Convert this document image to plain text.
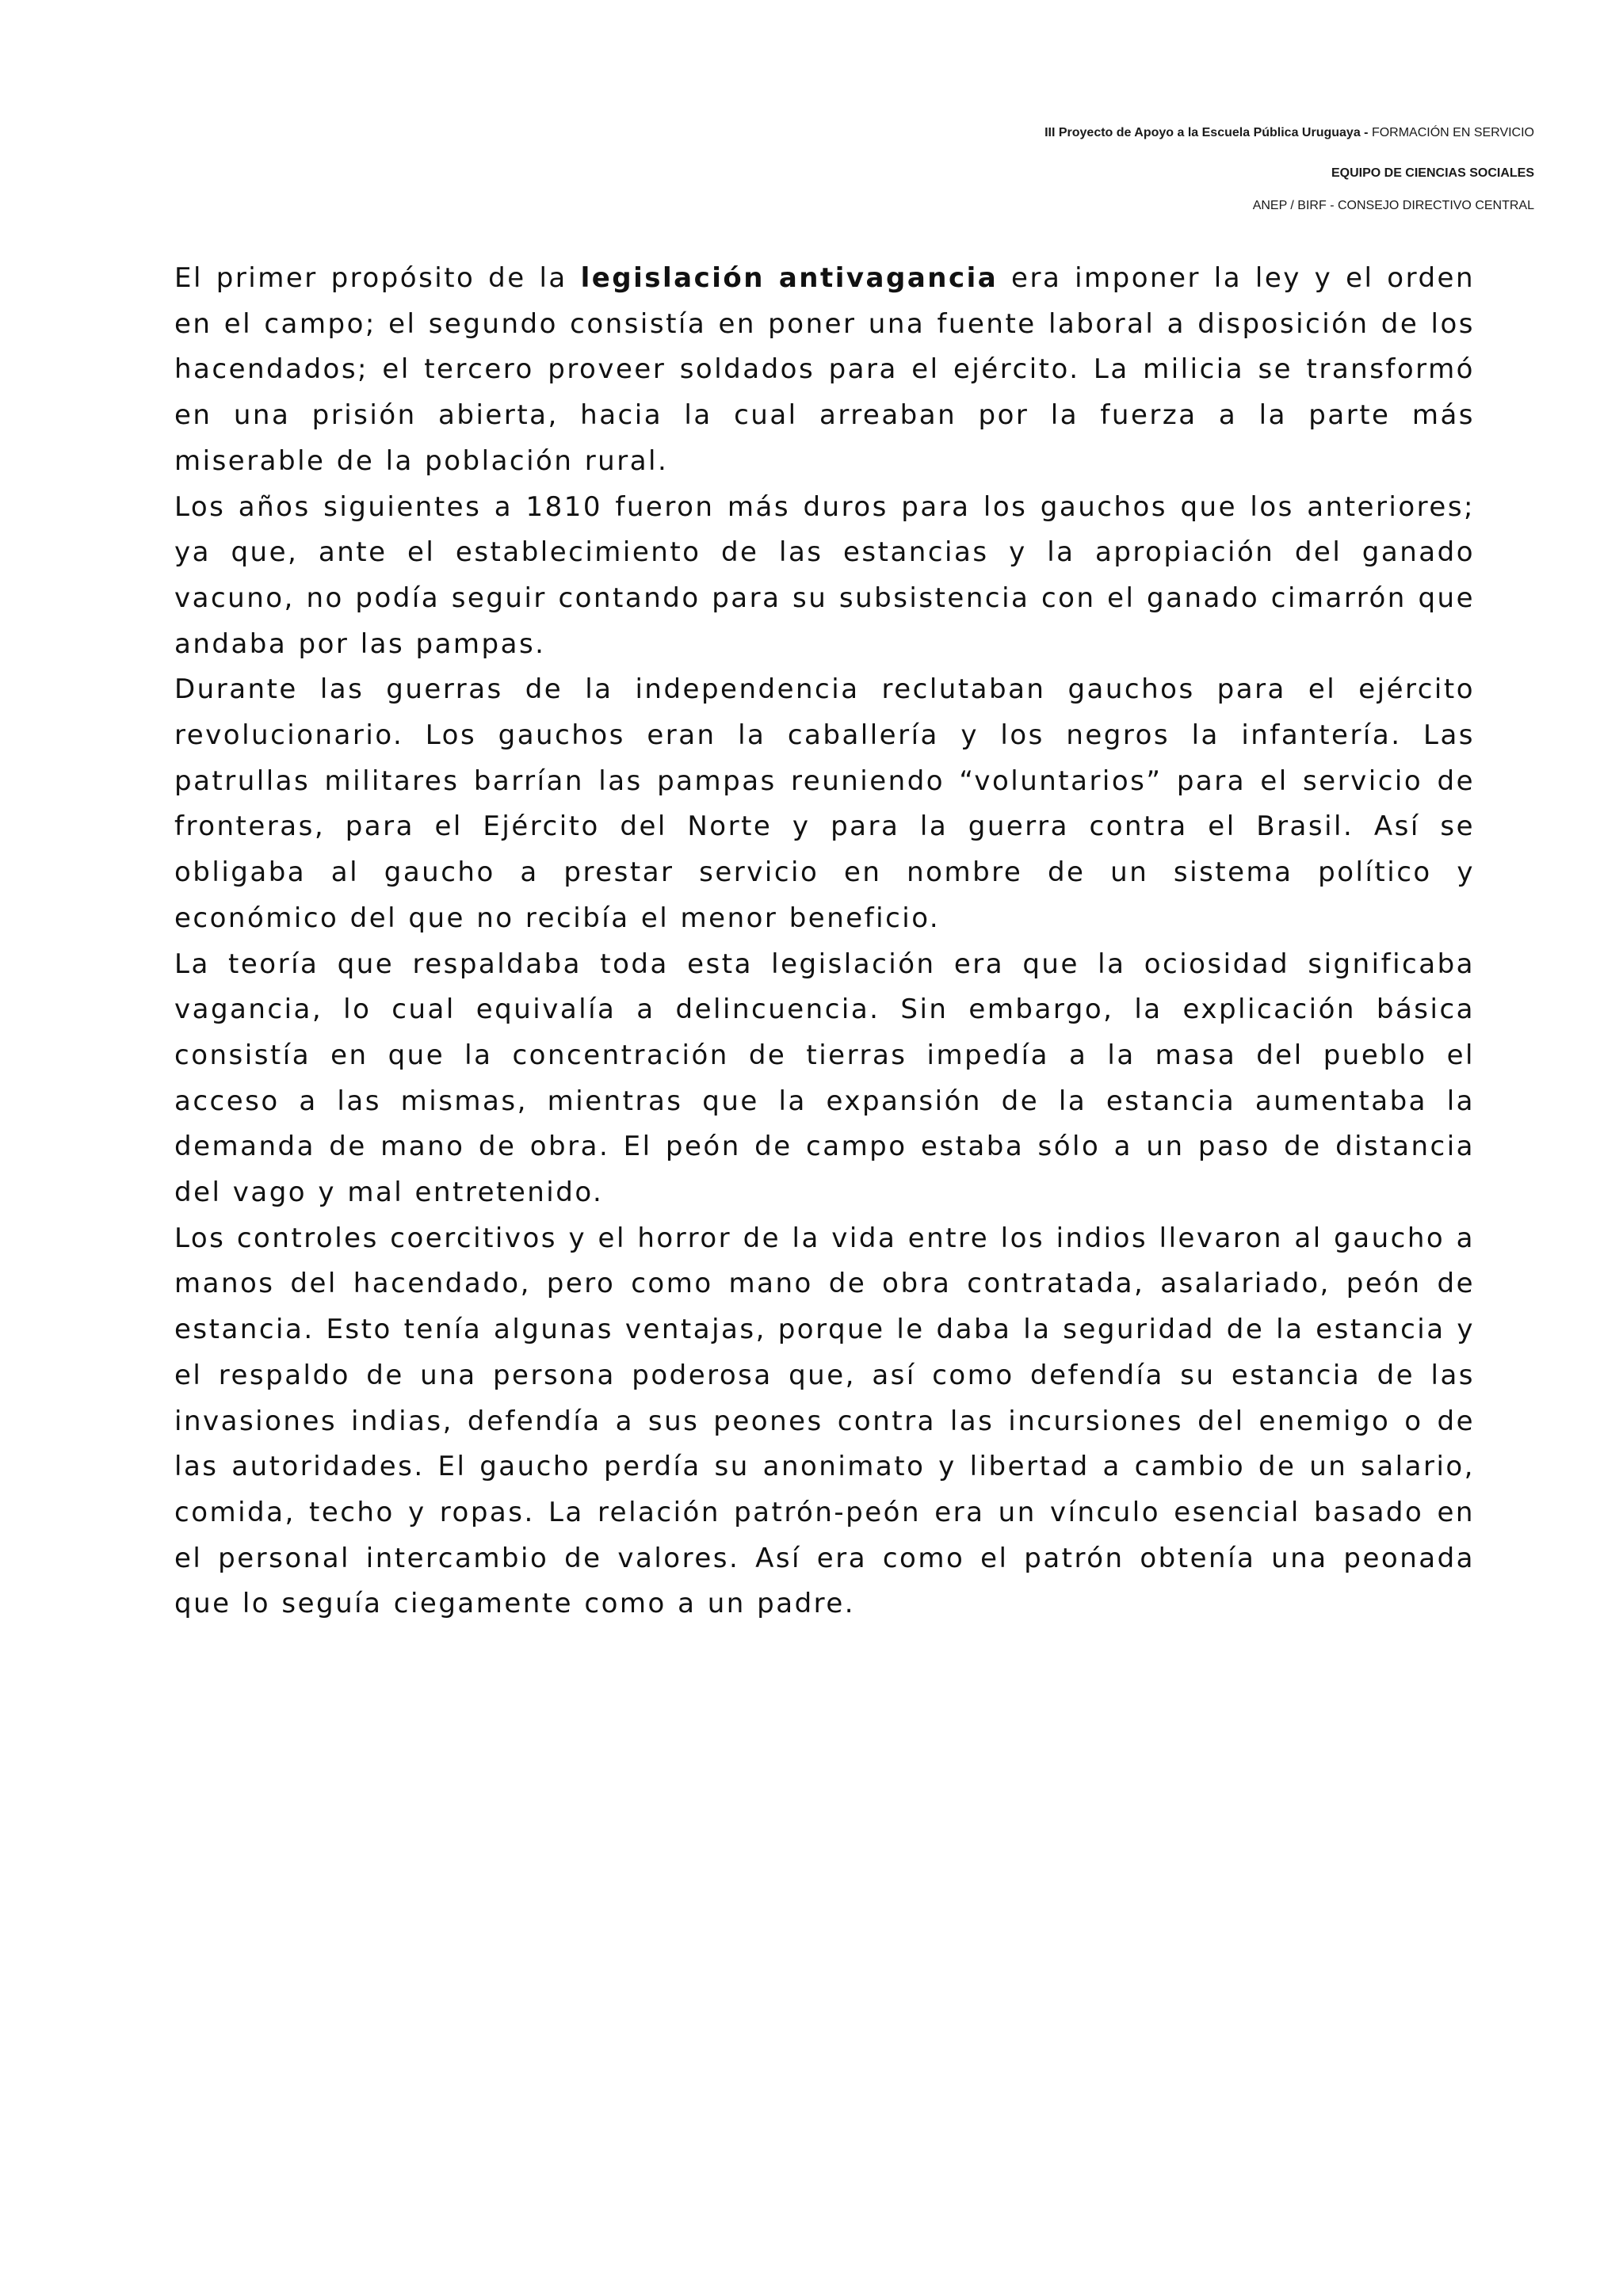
III Proyecto de Apoyo a la Escuela Pública Uruguaya - FORMACIÓN EN SERVICIO
EQUIPO DE CIENCIAS SOCIALES
ANEP / BIRF - CONSEJO DIRECTIVO CENTRAL

El primer propósito de la legislación antivagancia era imponer la ley y el orden en el campo; el segundo consistía en poner una fuente laboral a disposición de los hacendados; el tercero proveer soldados para el ejército. La milicia se transformó en una prisión abierta, hacia la cual arreaban por la fuerza a la parte más miserable de la población rural.

Los años siguientes a 1810 fueron más duros para los gauchos que los anteriores; ya que, ante el establecimiento de las estancias y la apropiación del ganado vacuno, no podía seguir contando para su subsistencia con el ganado cimarrón que andaba por las pampas.

Durante las guerras de la independencia reclutaban gauchos para el ejército revolucionario. Los gauchos eran la caballería y los negros la infantería. Las patrullas militares barrían las pampas reuniendo “voluntarios” para el servicio de fronteras, para el Ejército del Norte y para la guerra contra el Brasil. Así se obligaba al gaucho a prestar servicio en nombre de un sistema político y económico del que no recibía el menor beneficio.

La teoría que respaldaba toda esta legislación era que la ociosidad significaba vagancia, lo cual equivalía a delincuencia. Sin embargo, la explicación básica consistía en que la concentración de tierras impedía a la masa del pueblo el acceso a las mismas, mientras que la expansión de la estancia aumentaba la demanda de mano de obra. El peón de campo estaba sólo a un paso de distancia del vago y mal entretenido.

Los controles coercitivos y el horror de la vida entre los indios llevaron al gaucho a manos del hacendado, pero como mano de obra contratada, asalariado, peón de estancia. Esto tenía algunas ventajas, porque le daba la seguridad de la estancia y el respaldo de una persona poderosa que, así como defendía su estancia de las invasiones indias, defendía a sus peones contra las incursiones del enemigo o de las autoridades. El gaucho perdía su anonimato y libertad a cambio de un salario, comida, techo y ropas. La relación patrón-peón era un vínculo esencial basado en el personal intercambio de valores. Así era como el patrón obtenía una peonada que lo seguía ciegamente como a un padre.
